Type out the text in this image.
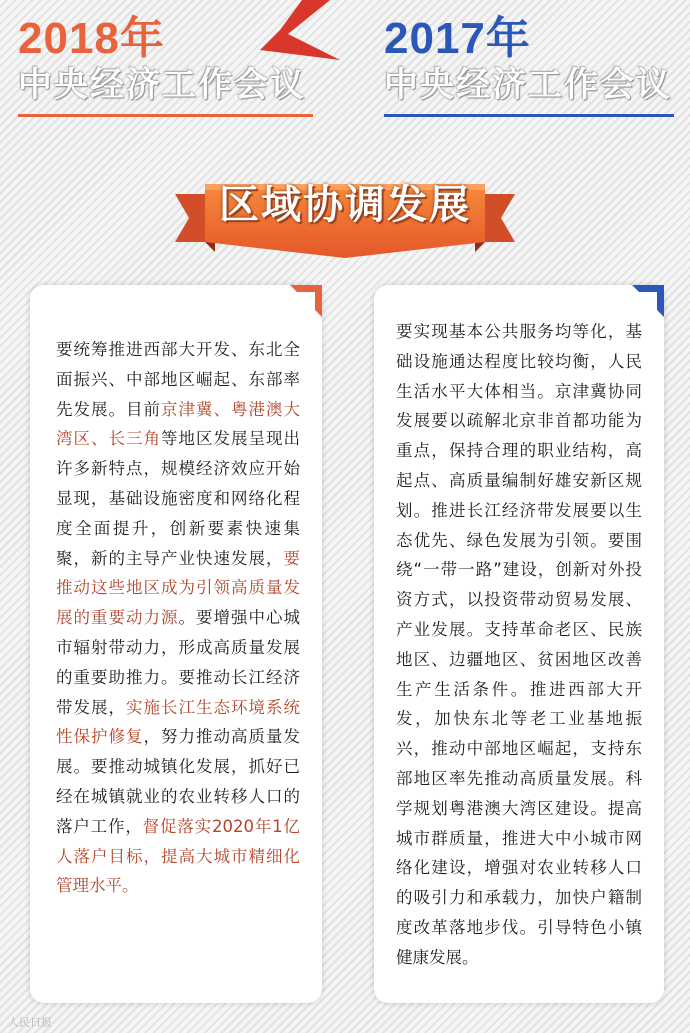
2018年
中央经济工作会议
2017年
中央经济工作会议
区域协调发展
要统筹推进西部大开发、东北全面振兴、中部地区崛起、东部率先发展。目前京津冀、粤港澳大湾区、长三角等地区发展呈现出许多新特点，规模经济效应开始显现，基础设施密度和网络化程度全面提升，创新要素快速集聚，新的主导产业快速发展，要推动这些地区成为引领高质量发展的重要动力源。要增强中心城市辐射带动力，形成高质量发展的重要助推力。要推动长江经济带发展，实施长江生态环境系统性保护修复，努力推动高质量发展。要推动城镇化发展，抓好已经在城镇就业的农业转移人口的落户工作，督促落实2020年1亿人落户目标，提高大城市精细化管理水平。
要实现基本公共服务均等化，基础设施通达程度比较均衡，人民生活水平大体相当。京津冀协同发展要以疏解北京非首都功能为重点，保持合理的职业结构，高起点、高质量编制好雄安新区规划。推进长江经济带发展要以生态优先、绿色发展为引领。要围绕“一带一路”建设，创新对外投资方式，以投资带动贸易发展、产业发展。支持革命老区、民族地区、边疆地区、贫困地区改善生产生活条件。推进西部大开发，加快东北等老工业基地振兴，推动中部地区崛起，支持东部地区率先推动高质量发展。科学规划粤港澳大湾区建设。提高城市群质量，推进大中小城市网络化建设，增强对农业转移人口的吸引力和承载力，加快户籍制度改革落地步伐。引导特色小镇健康发展。
人民日报
